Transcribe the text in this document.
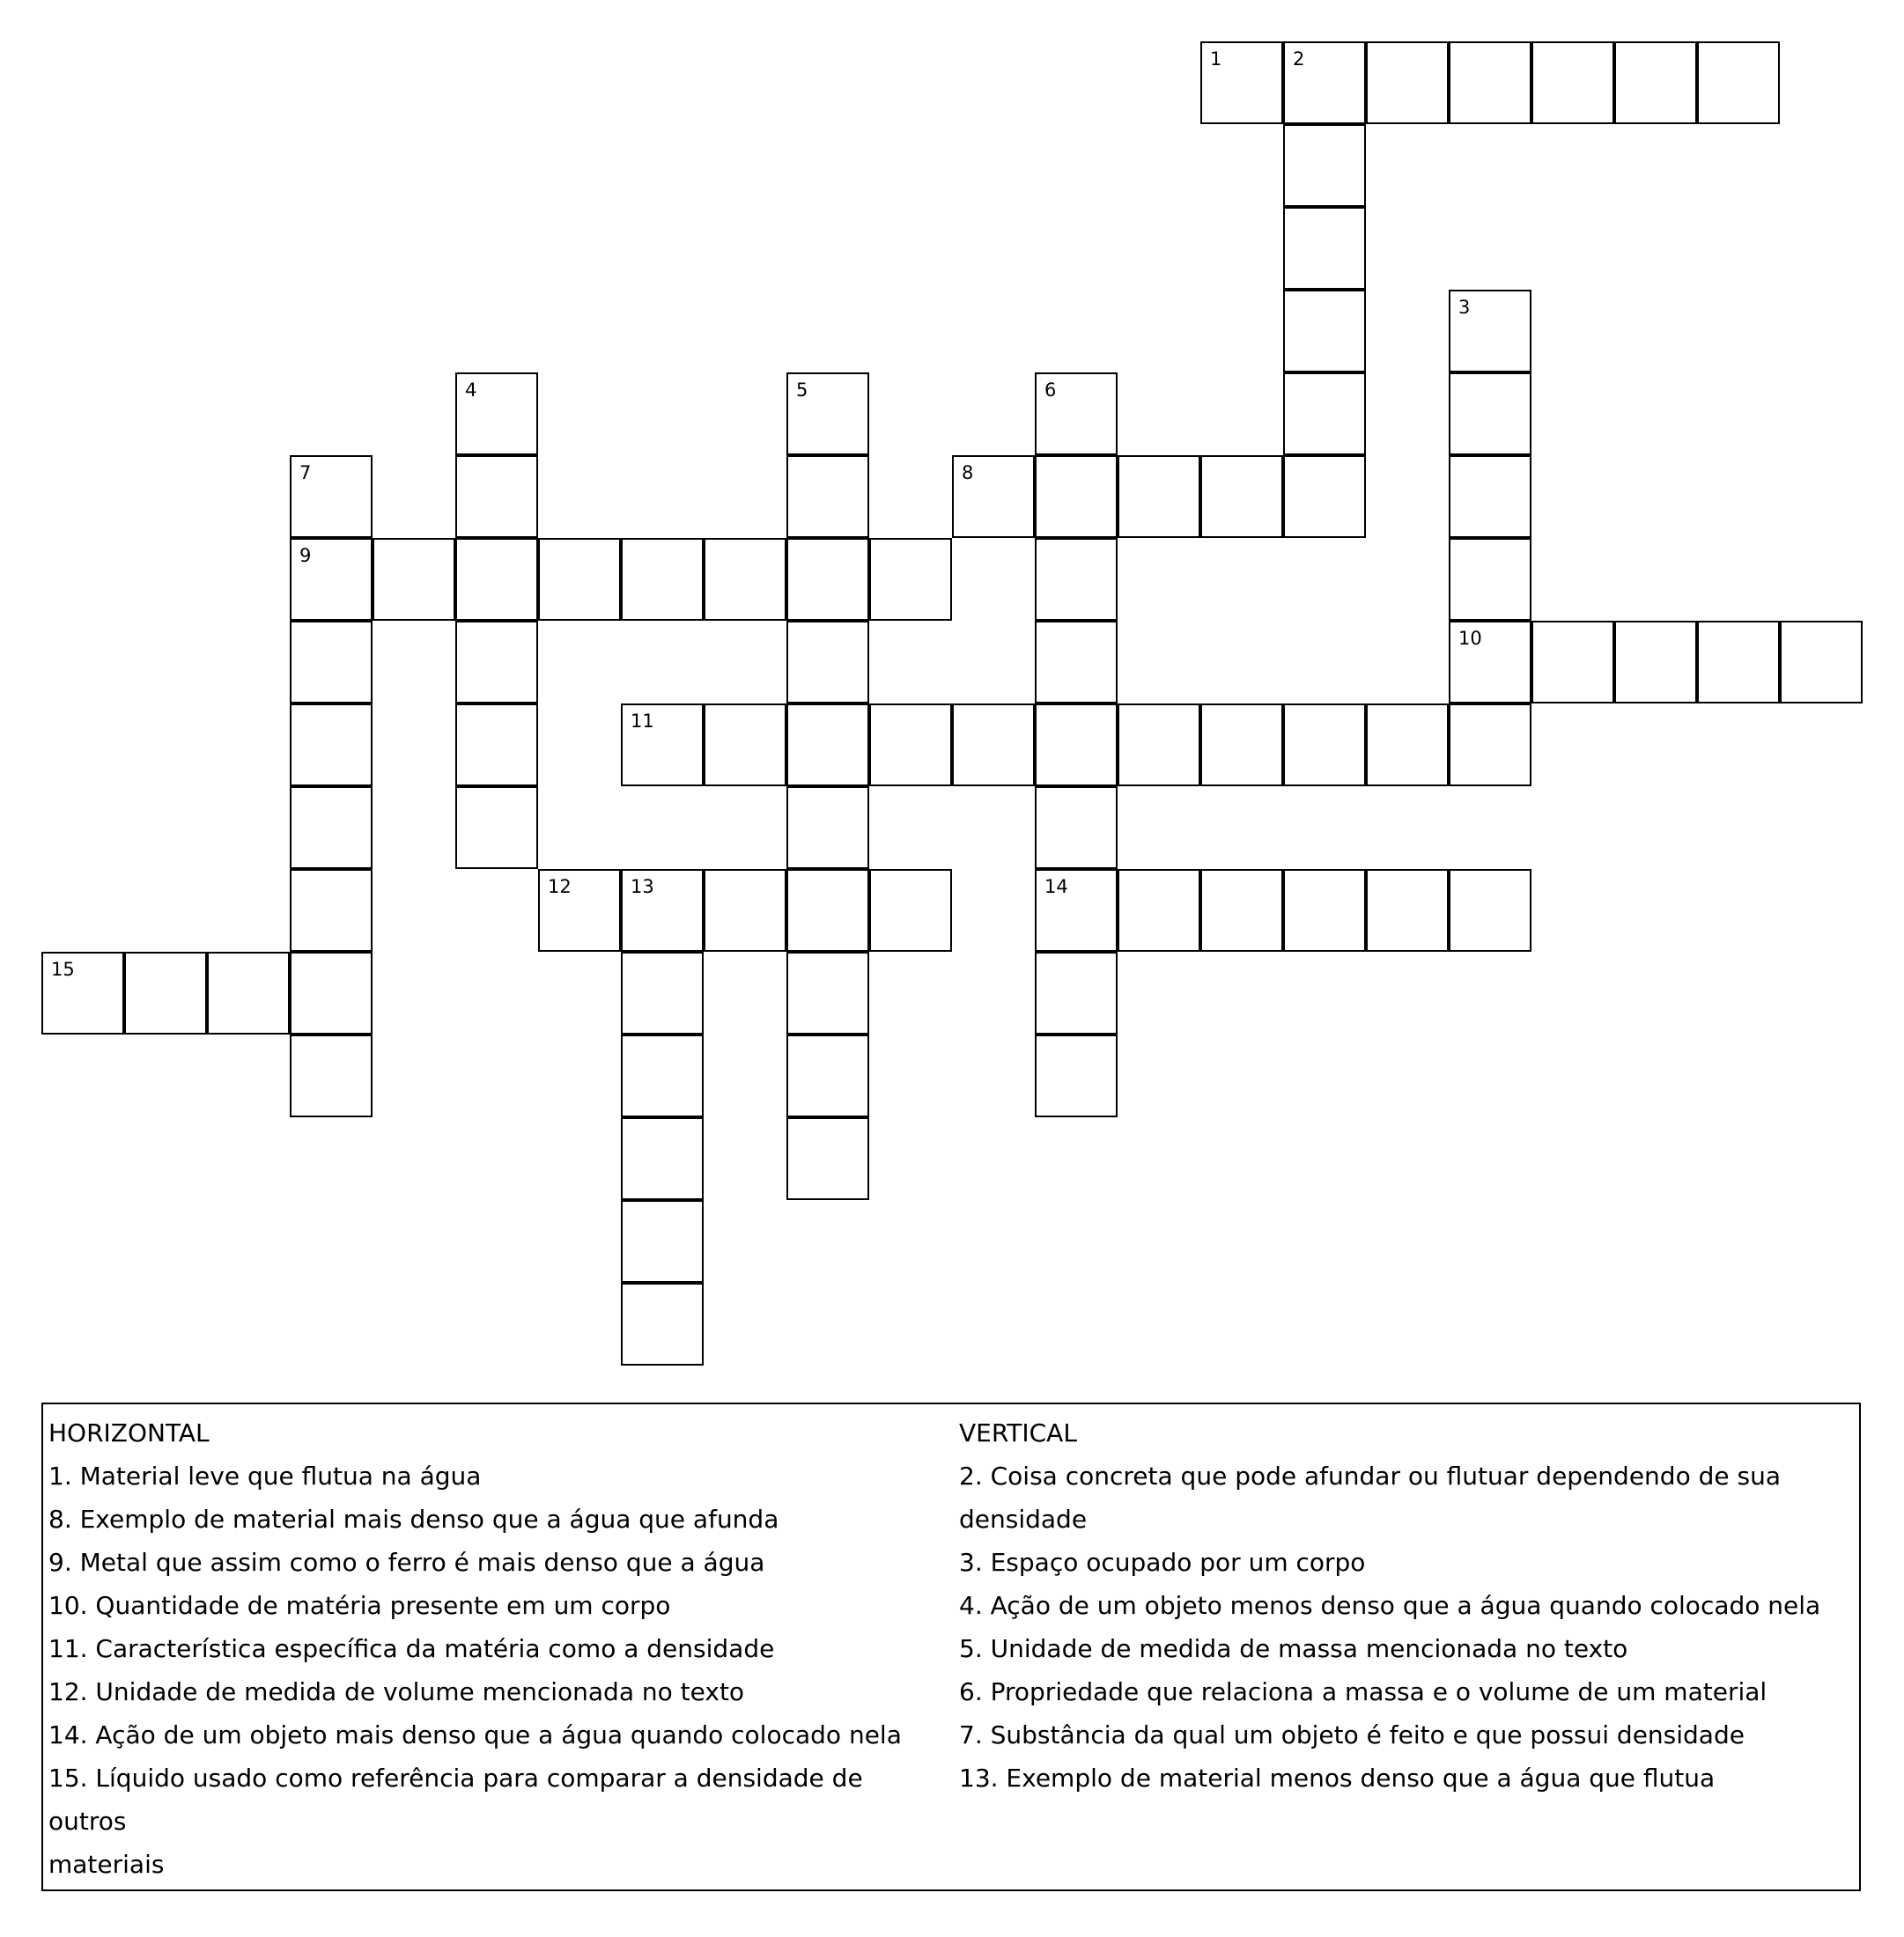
1	2
3
10
4	5	6
14
7
9
8
11
12	13
15

HORIZONTAL

1. Material leve que flutua na água

8. Exemplo de material mais denso que a água que afunda

9. Metal que assim como o ferro é mais denso que a água

10. Quantidade de matéria presente em um corpo

11. Característica específica da matéria como a densidade

12. Unidade de medida de volume mencionada no texto

14. Ação de um objeto mais denso que a água quando colocado nela

15. Líquido usado como referência para comparar a densidade de outros

materiais

VERTICAL

2. Coisa concreta que pode afundar ou flutuar dependendo de sua

densidade

3. Espaço ocupado por um corpo

4. Ação de um objeto menos denso que a água quando colocado nela

5. Unidade de medida de massa mencionada no texto

6. Propriedade que relaciona a massa e o volume de um material

7. Substância da qual um objeto é feito e que possui densidade

13. Exemplo de material menos denso que a água que flutua
